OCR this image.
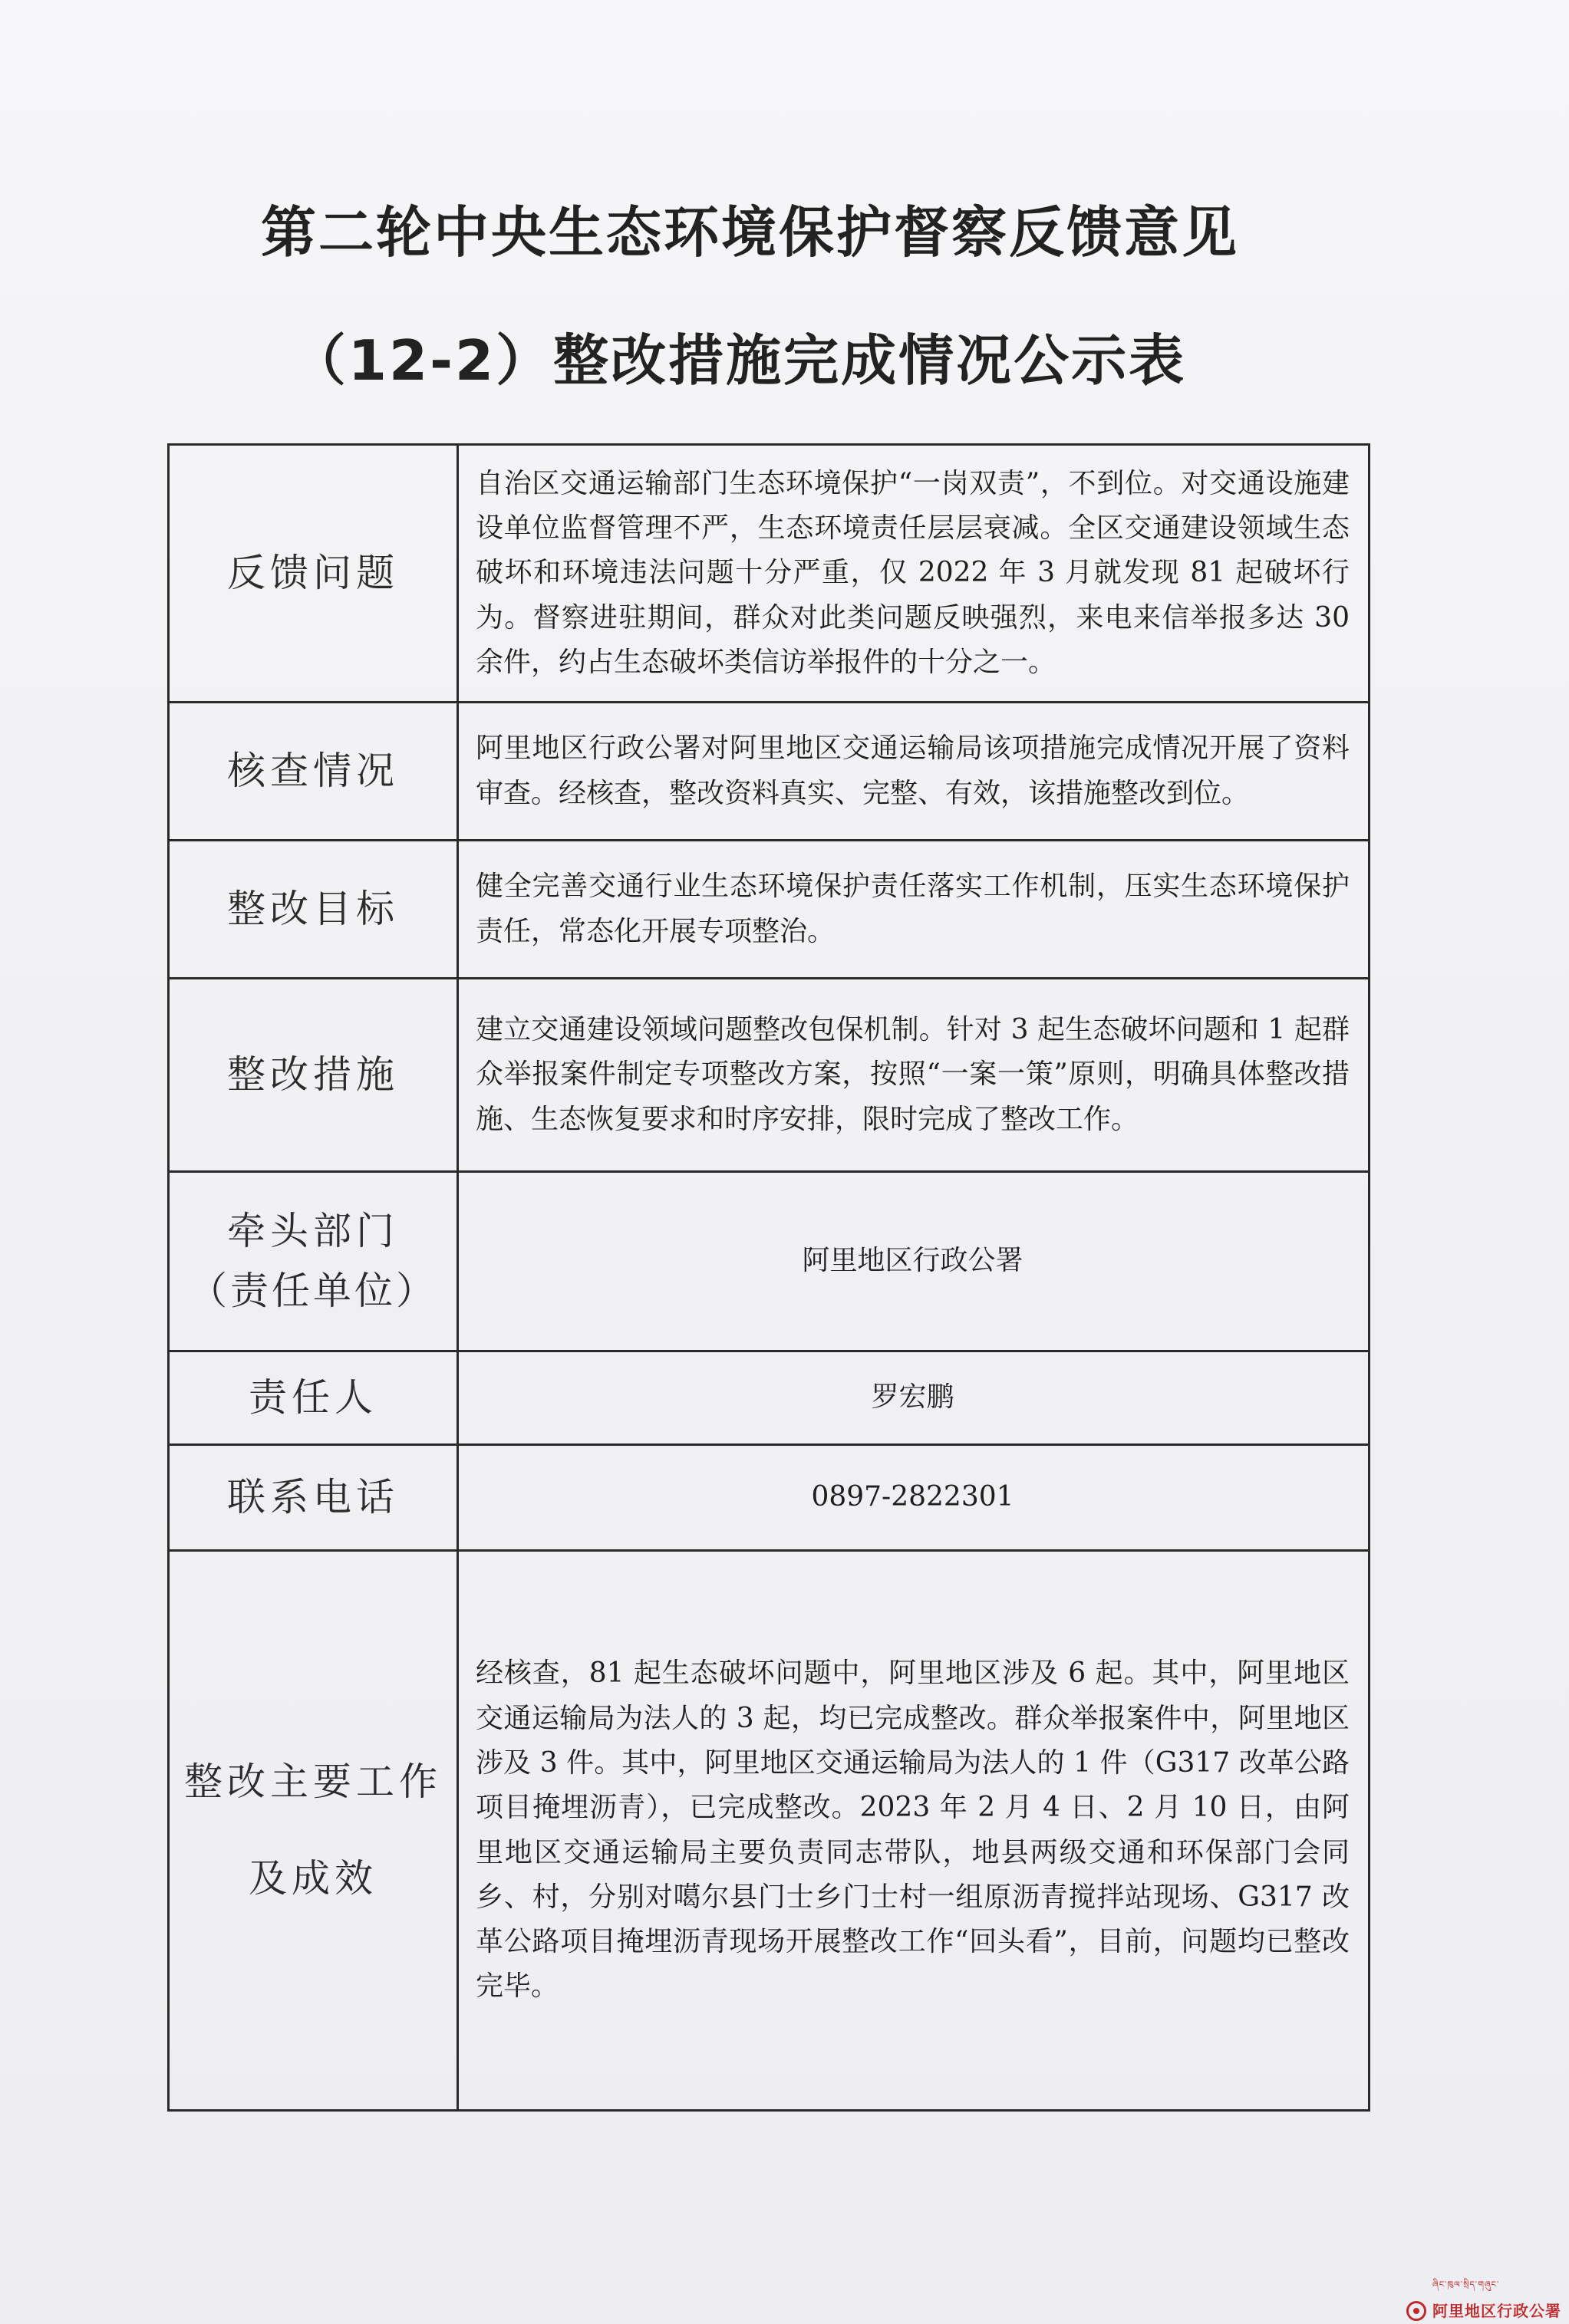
第二轮中央生态环境保护督察反馈意见
（12-2）整改措施完成情况公示表
反馈问题	自治区交通运输部门生态环境保护“一岗双责”，不到位。对交通设施建设单位监督管理不严，生态环境责任层层衰减。全区交通建设领域生态破坏和环境违法问题十分严重，仅 2022 年 3 月就发现 81 起破坏行为。督察进驻期间，群众对此类问题反映强烈，来电来信举报多达 30 余件，约占生态破坏类信访举报件的十分之一。
核查情况	阿里地区行政公署对阿里地区交通运输局该项措施完成情况开展了资料审查。经核查，整改资料真实、完整、有效，该措施整改到位。
整改目标	健全完善交通行业生态环境保护责任落实工作机制，压实生态环境保护责任，常态化开展专项整治。
整改措施	建立交通建设领域问题整改包保机制。针对 3 起生态破坏问题和 1 起群众举报案件制定专项整改方案，按照“一案一策”原则，明确具体整改措施、生态恢复要求和时序安排，限时完成了整改工作。

牵头部门
（责任单位）	阿里地区行政公署
责任人	罗宏鹏
联系电话	0897-2822301

整改主要工作
及成效	经核查，81 起生态破坏问题中，阿里地区涉及 6 起。其中，阿里地区交通运输局为法人的 3 起，均已完成整改。群众举报案件中，阿里地区涉及 3 件。其中，阿里地区交通运输局为法人的 1 件（G317 改革公路项目掩埋沥青），已完成整改。2023 年 2 月 4 日、2 月 10 日，由阿里地区交通运输局主要负责同志带队，地县两级交通和环保部门会同乡、村，分别对噶尔县门士乡门士村一组原沥青搅拌站现场、G317 改革公路项目掩埋沥青现场开展整改工作“回头看”，目前，问题均已整改完毕。
ཞིང་ཁུལ་སྲིད་གཞུང་
阿里地区行政公署
